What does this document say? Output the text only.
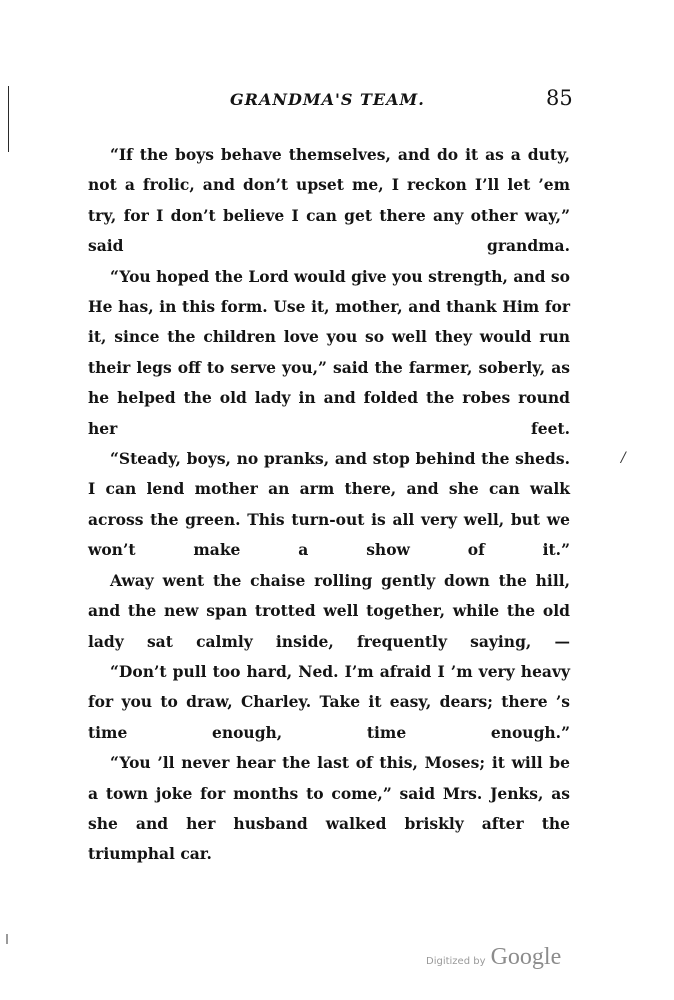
GRANDMA'S TEAM.	85

“If the boys behave themselves, and do it as a duty, not a frolic, and don’t upset me, I reckon I’ll let ’em try, for I don’t believe I can get there any other way,” said grandma.

“You hoped the Lord would give you strength, and so He has, in this form. Use it, mother, and thank Him for it, since the children love you so well they would run their legs off to serve you,” said the farmer, soberly, as he helped the old lady in and folded the robes round her feet.

“Steady, boys, no pranks, and stop behind the sheds. I can lend mother an arm there, and she can walk across the green. This turn-out is all very well, but we won’t make a show of it.”

Away went the chaise rolling gently down the hill, and the new span trotted well together, while the old lady sat calmly inside, frequently saying, —

“Don’t pull too hard, Ned. I’m afraid I ’m very heavy for you to draw, Charley. Take it easy, dears; there ’s time enough, time enough.”

“You ’ll never hear the last of this, Moses; it will be a town joke for months to come,” said Mrs. Jenks, as she and her husband walked briskly after the triumphal car.

/
Digitized by Google
